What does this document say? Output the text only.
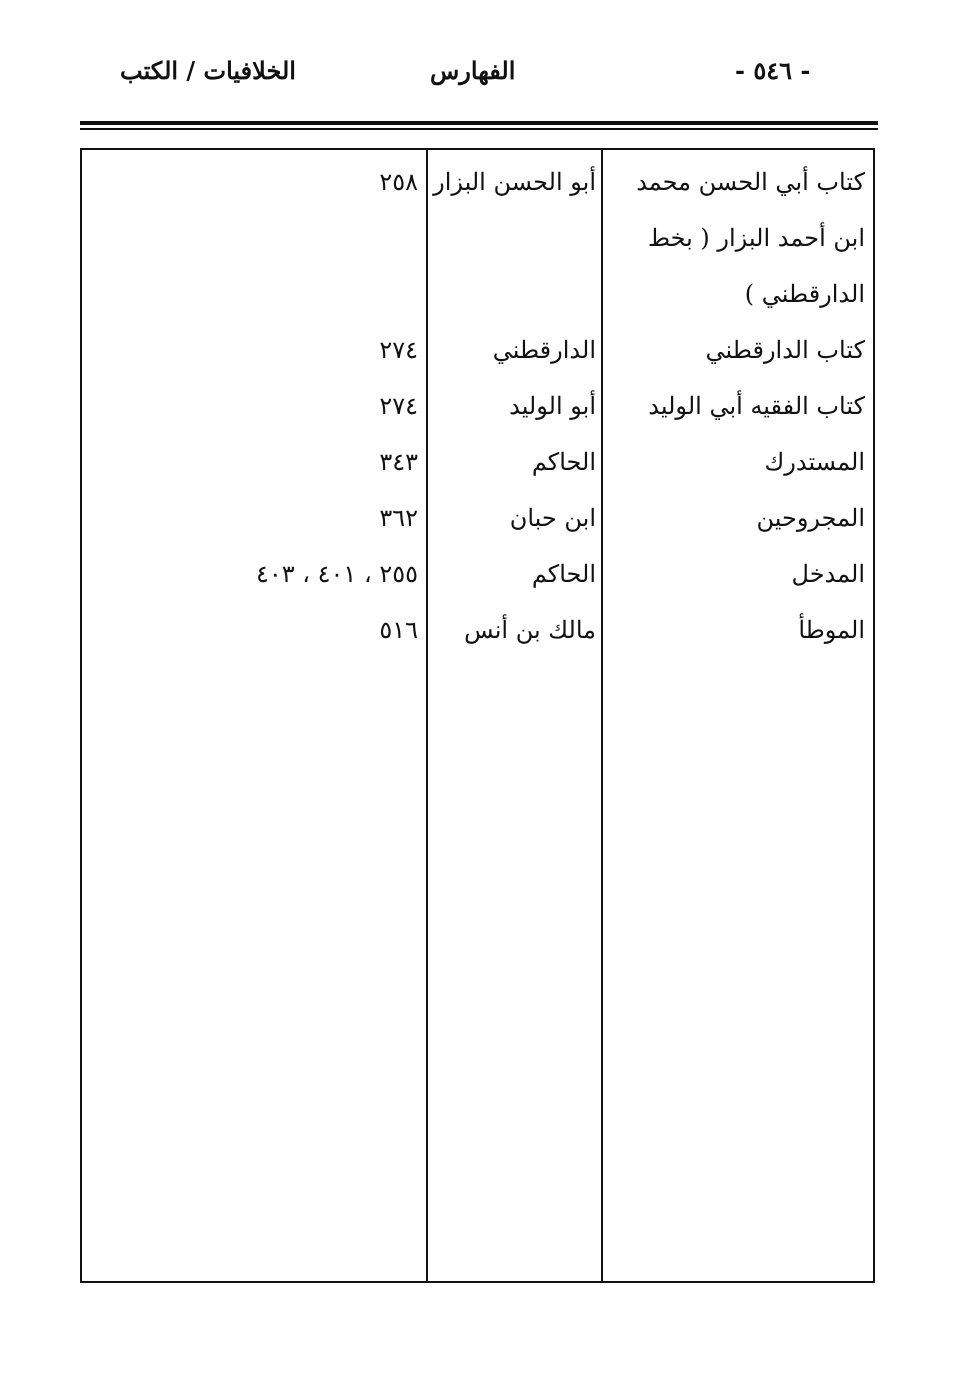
- ٥٤٦ -
الفهارس
الخلافيات / الكتب
كتاب أبي الحسن محمد
أبو الحسن البزار
٢٥٨
ابن أحمد البزار ( بخط
الدارقطني )
كتاب الدارقطني
الدارقطني
٢٧٤
كتاب الفقيه أبي الوليد
أبو الوليد
٢٧٤
المستدرك
الحاكم
٣٤٣
المجروحين
ابن حبان
٣٦٢
المدخل
الحاكم
٢٥٥ ، ٤٠١ ، ٤٠٣
الموطأ
مالك بن أنس
٥١٦
